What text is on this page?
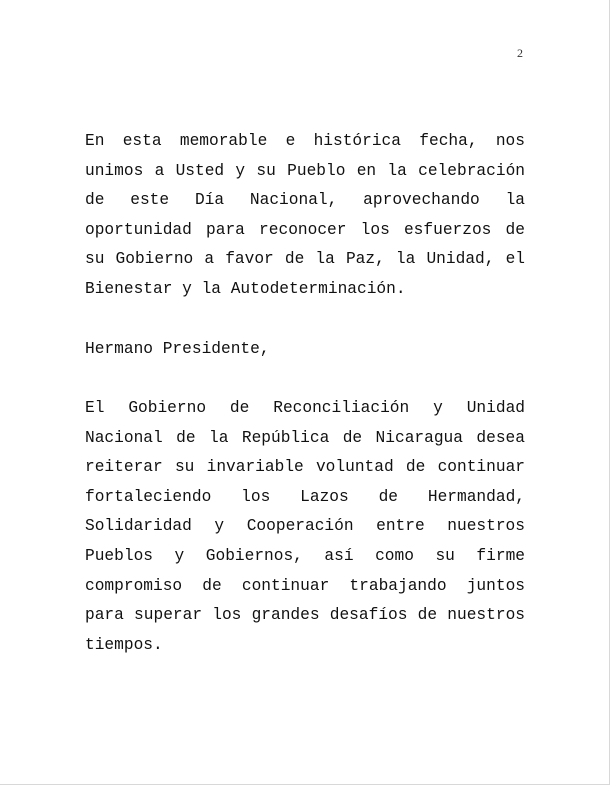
2

En esta memorable e histórica fecha, nos unimos a Usted y su Pueblo en la celebración de este Día Nacional, aprovechando la oportunidad para reconocer los esfuerzos de su Gobierno a favor de la Paz, la Unidad, el Bienestar y la Autodeterminación.

Hermano Presidente,

El Gobierno de Reconciliación y Unidad Nacional de la República de Nicaragua desea reiterar su invariable voluntad de continuar fortaleciendo los Lazos de Hermandad, Solidaridad y Cooperación entre nuestros Pueblos y Gobiernos, así como su firme compromiso de continuar trabajando juntos para superar los grandes desafíos de nuestros tiempos.
